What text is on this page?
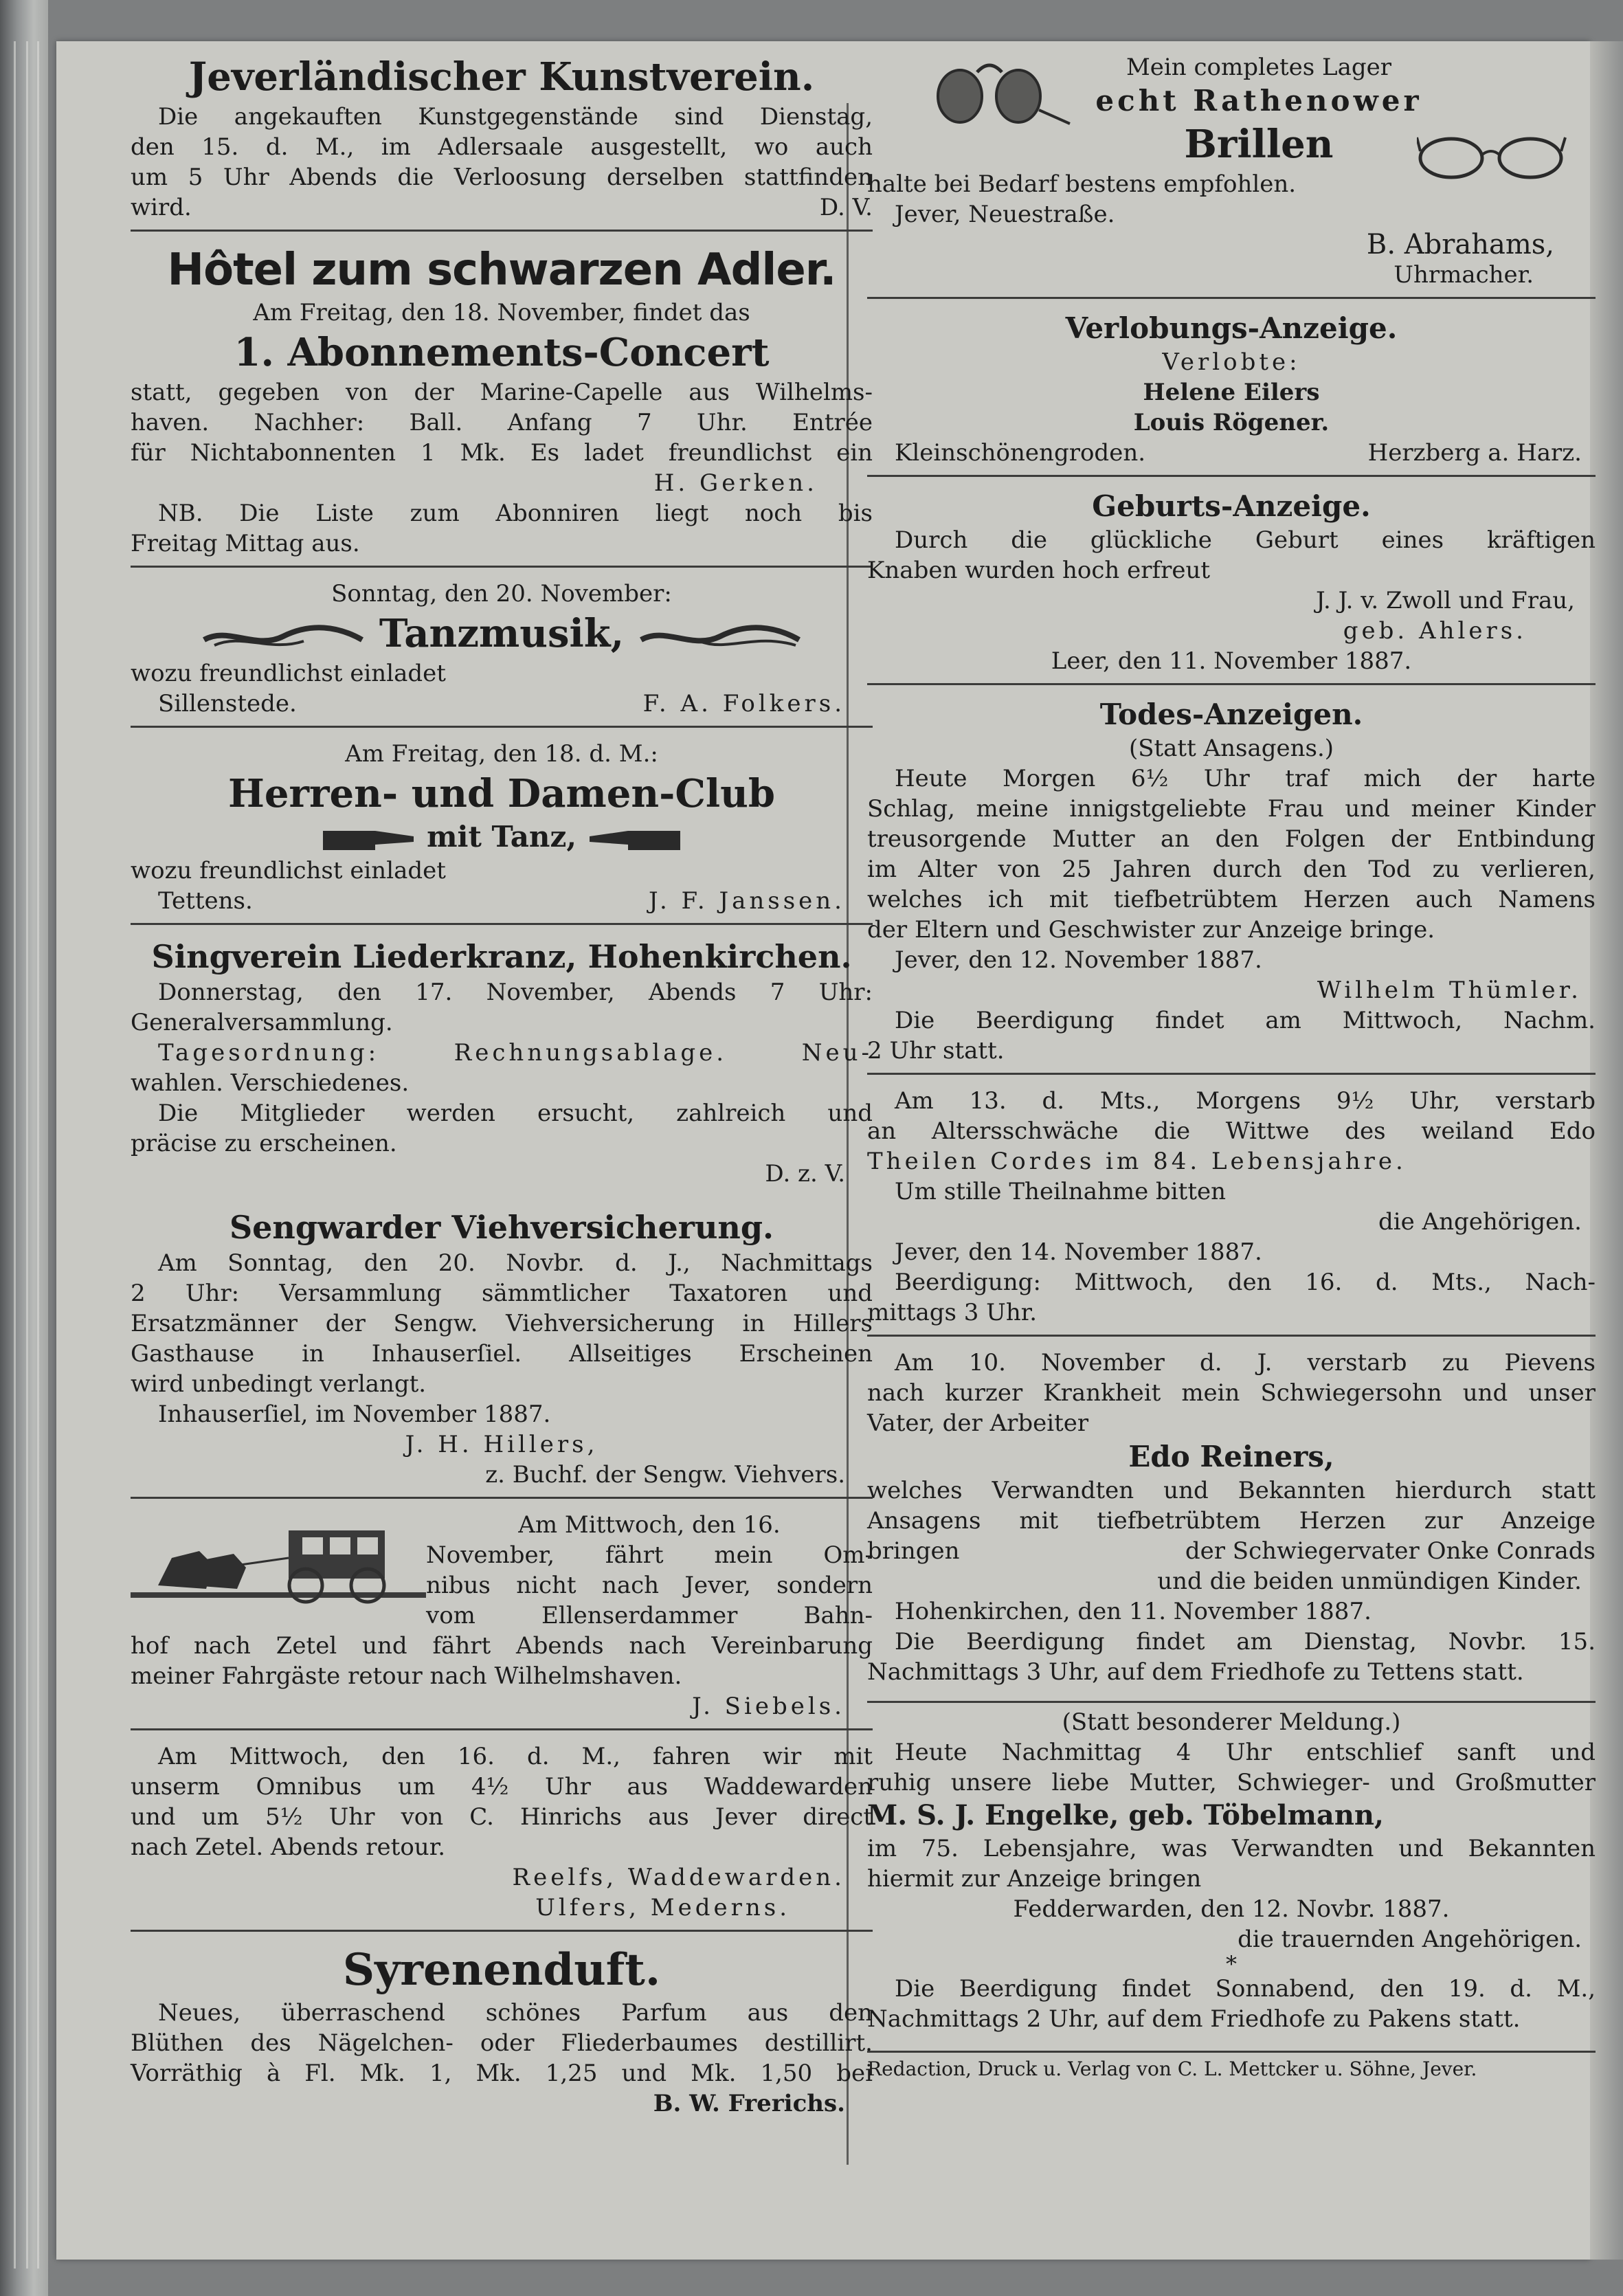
Jeverländischer Kunstverein.
Die angekauften Kunstgegenstände sind Dienstag,
den 15. d. M., im Adlersaale ausgestellt, wo auch
um 5 Uhr Abends die Verloosung derselben stattfinden
wird.	D. V.
Hôtel zum schwarzen Adler.
Am Freitag, den 18. November, findet das
1. Abonnements-Concert
statt, gegeben von der Marine-Capelle aus Wilhelms-
haven. Nachher: Ball. Anfang 7 Uhr. Entrée
für Nichtabonnenten 1 Mk. Es ladet freundlichst ein
H. Gerken.
NB. Die Liste zum Abonniren liegt noch bis
Freitag Mittag aus.
Sonntag, den 20. November:
Tanzmusik,
wozu freundlichst einladet
Sillenstede.	F. A. Folkers.
Am Freitag, den 18. d. M.:
Herren- und Damen-Club
mit Tanz,
wozu freundlichst einladet
Tettens.	J. F. Janssen.
Singverein Liederkranz, Hohenkirchen.
Donnerstag, den 17. November, Abends 7 Uhr:
Generalversammlung.
Tagesordnung: Rechnungsablage. Neu-
wahlen. Verschiedenes.
Die Mitglieder werden ersucht, zahlreich und
präcise zu erscheinen.
D. z. V.
Sengwarder Viehversicherung.
Am Sonntag, den 20. Novbr. d. J., Nachmittags
2 Uhr: Versammlung sämmtlicher Taxatoren und
Ersatzmänner der Sengw. Viehversicherung in Hillers
Gasthause in Inhauserſiel. Allseitiges Erscheinen
wird unbedingt verlangt.
Inhauserſiel, im November 1887.
J. H. Hillers,
z. Buchf. der Sengw. Viehvers.
Am Mittwoch, den 16.
November, fährt mein Om-
nibus nicht nach Jever, sondern
vom Ellenserdammer Bahn-
hof nach Zetel und fährt Abends nach Vereinbarung
meiner Fahrgäste retour nach Wilhelmshaven.
J. Siebels.
Am Mittwoch, den 16. d. M., fahren wir mit
unserm Omnibus um 4½ Uhr aus Waddewarden
und um 5½ Uhr von C. Hinrichs aus Jever direct
nach Zetel. Abends retour.
Reelfs, Waddewarden.
Ulfers, Mederns.
Syrenenduft.
Neues, überraschend schönes Parfum aus den
Blüthen des Nägelchen- oder Fliederbaumes destillirt.
Vorräthig à Fl. Mk. 1, Mk. 1,25 und Mk. 1,50 bei
B. W. Frerichs.
Mein completes Lager
echt Rathenower
Brillen
halte bei Bedarf bestens empfohlen.
Jever, Neuestraße.
B. Abrahams,
Uhrmacher.
Verlobungs-Anzeige.
Verlobte:
Helene Eilers
Louis Rögener.
Kleinschönengroden.	Herzberg a. Harz.
Geburts-Anzeige.
Durch die glückliche Geburt eines kräftigen
Knaben wurden hoch erfreut
J. J. v. Zwoll und Frau,
geb. Ahlers.
Leer, den 11. November 1887.
Todes-Anzeigen.
(Statt Ansagens.)
Heute Morgen 6½ Uhr traf mich der harte
Schlag, meine innigstgeliebte Frau und meiner Kinder
treusorgende Mutter an den Folgen der Entbindung
im Alter von 25 Jahren durch den Tod zu verlieren,
welches ich mit tiefbetrübtem Herzen auch Namens
der Eltern und Geschwister zur Anzeige bringe.
Jever, den 12. November 1887.
Wilhelm Thümler.
Die Beerdigung findet am Mittwoch, Nachm.
2 Uhr statt.
Am 13. d. Mts., Morgens 9½ Uhr, verstarb
an Altersschwäche die Wittwe des weiland Edo
Theilen Cordes im 84. Lebensjahre.
Um stille Theilnahme bitten
die Angehörigen.
Jever, den 14. November 1887.
Beerdigung: Mittwoch, den 16. d. Mts., Nach-
mittags 3 Uhr.
Am 10. November d. J. verstarb zu Pievens
nach kurzer Krankheit mein Schwiegersohn und unser
Vater, der Arbeiter
Edo Reiners,
welches Verwandten und Bekannten hierdurch statt
Ansagens mit tiefbetrübtem Herzen zur Anzeige
bringen	der Schwiegervater Onke Conrads
und die beiden unmündigen Kinder.
Hohenkirchen, den 11. November 1887.
Die Beerdigung findet am Dienstag, Novbr. 15.
Nachmittags 3 Uhr, auf dem Friedhofe zu Tettens statt.
(Statt besonderer Meldung.)
Heute Nachmittag 4 Uhr entschlief sanft und
ruhig unsere liebe Mutter, Schwieger- und Großmutter
M. S. J. Engelke, geb. Töbelmann,
im 75. Lebensjahre, was Verwandten und Bekannten
hiermit zur Anzeige bringen
Fedderwarden, den 12. Novbr. 1887.
die trauernden Angehörigen.
*
Die Beerdigung findet Sonnabend, den 19. d. M.,
Nachmittags 2 Uhr, auf dem Friedhofe zu Pakens statt.
Redaction, Druck u. Verlag von C. L. Mettcker u. Söhne, Jever.
